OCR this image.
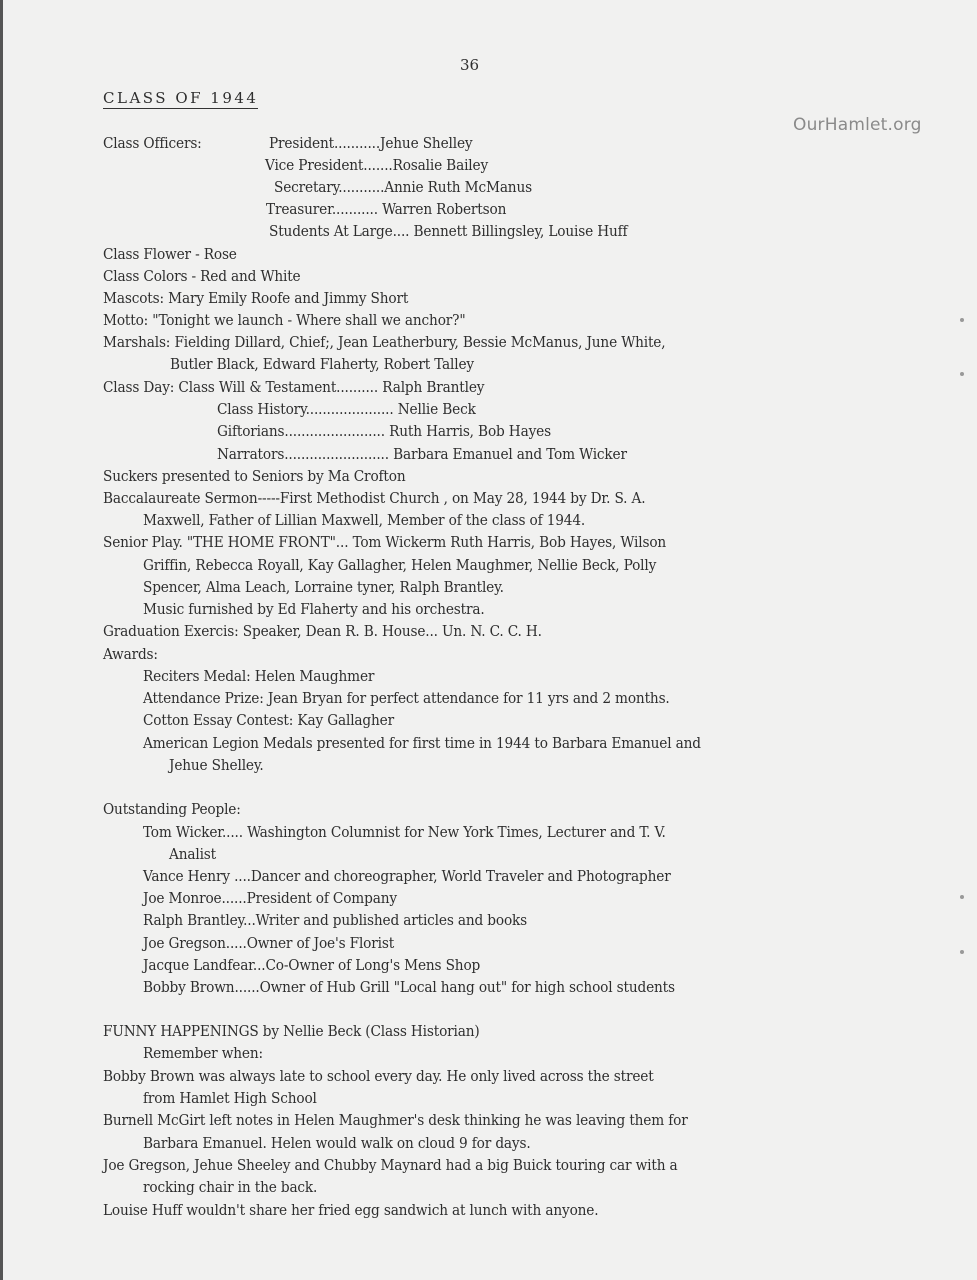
OurHamlet.org
36
CLASS OF 1944
Class Officers:	President...........Jehue Shelley
Vice President.......Rosalie Bailey
Secretary...........Annie Ruth McManus
Treasurer........... Warren Robertson
Students At Large.... Bennett Billingsley, Louise Huff
Class Flower - Rose
Class Colors - Red and White
Mascots: Mary Emily Roofe and Jimmy Short
Motto: "Tonight we launch - Where shall we anchor?"
Marshals: Fielding Dillard, Chief;, Jean Leatherbury, Bessie McManus, June White,
Butler Black, Edward Flaherty, Robert Talley
Class Day: Class Will & Testament.......... Ralph Brantley
Class History..................... Nellie Beck
Giftorians........................ Ruth Harris, Bob Hayes
Narrators......................... Barbara Emanuel and Tom Wicker
Suckers presented to Seniors by Ma Crofton
Baccalaureate Sermon-----First Methodist Church , on May 28, 1944 by Dr. S. A.
Maxwell, Father of Lillian Maxwell, Member of the class of 1944.
Senior Play. "THE HOME FRONT"... Tom Wickerm Ruth Harris, Bob Hayes, Wilson
Griffin, Rebecca Royall, Kay Gallagher, Helen Maughmer, Nellie Beck, Polly
Spencer, Alma Leach, Lorraine tyner, Ralph Brantley.
Music furnished by Ed Flaherty and his orchestra.
Graduation Exercis: Speaker, Dean R. B. House... Un. N. C. C. H.
Awards:
Reciters Medal: Helen Maughmer
Attendance Prize: Jean Bryan for perfect attendance for 11 yrs and 2 months.
Cotton Essay Contest: Kay Gallagher
American Legion Medals presented for first time in 1944 to Barbara Emanuel and
Jehue Shelley.
Outstanding People:
Tom Wicker..... Washington Columnist for New York Times, Lecturer and T. V.
Analist
Vance Henry ....Dancer and choreographer, World Traveler and Photographer
Joe Monroe......President of Company
Ralph Brantley...Writer and published articles and books
Joe Gregson.....Owner of Joe's Florist
Jacque Landfear...Co-Owner of Long's Mens Shop
Bobby Brown......Owner of Hub Grill "Local hang out" for high school students
FUNNY HAPPENINGS by Nellie Beck (Class Historian)
Remember when:
Bobby Brown was always late to school every day. He only lived across the street
from Hamlet High School
Burnell McGirt left notes in Helen Maughmer's desk thinking he was leaving them for
Barbara Emanuel. Helen would walk on cloud 9 for days.
Joe Gregson, Jehue Sheeley and Chubby Maynard had a big Buick touring car with a
rocking chair in the back.
Louise Huff wouldn't share her fried egg sandwich at lunch with anyone.
